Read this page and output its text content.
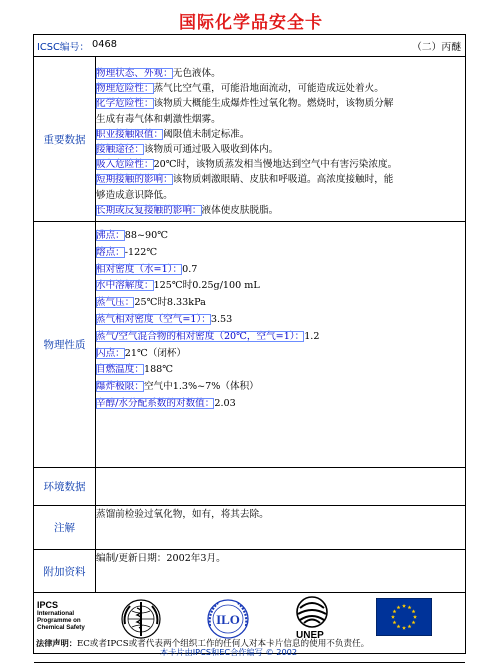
国际化学品安全卡
ICSC编号： 0468	（二）丙醚
重要数据
物理状态、外观：无色液体。
物理危险性：蒸气比空气重，可能沿地面流动，可能造成远处着火。
化学危险性：该物质大概能生成爆炸性过氧化物。燃烧时，该物质分解
生成有毒气体和刺激性烟雾。
职业接触限值：阈限值未制定标准。
接触途径：该物质可通过吸入吸收到体内。
吸入危险性：20℃时，该物质蒸发相当慢地达到空气中有害污染浓度。
短期接触的影响：该物质刺激眼睛、皮肤和呼吸道。高浓度接触时，能
够造成意识降低。
长期或反复接触的影响：液体使皮肤脱脂。
物理性质
沸点：88~90℃
熔点：-122℃
相对密度（水=1）：0.7
水中溶解度：125℃时0.25g/100 mL
蒸气压：25℃时8.33kPa
蒸气相对密度（空气=1）：3.53
蒸气/空气混合物的相对密度（20℃，空气=1）：1.2
闪点：21℃（闭杯）
自燃温度：188℃
爆炸极限：空气中1.3%~7%（体积）
辛醇/水分配系数的对数值：2.03
环境数据
注解
蒸馏前检验过氧化物，如有，将其去除。
附加资料
编制/更新日期：2002年3月。
IPCS
International
Programme on
Chemical Safety
ILO
UNEP
本卡片由IPCS和EC合作编写 © 2002
法律声明：EC或者IPCS或者代表两个组织工作的任何人对本卡片信息的使用不负责任。
